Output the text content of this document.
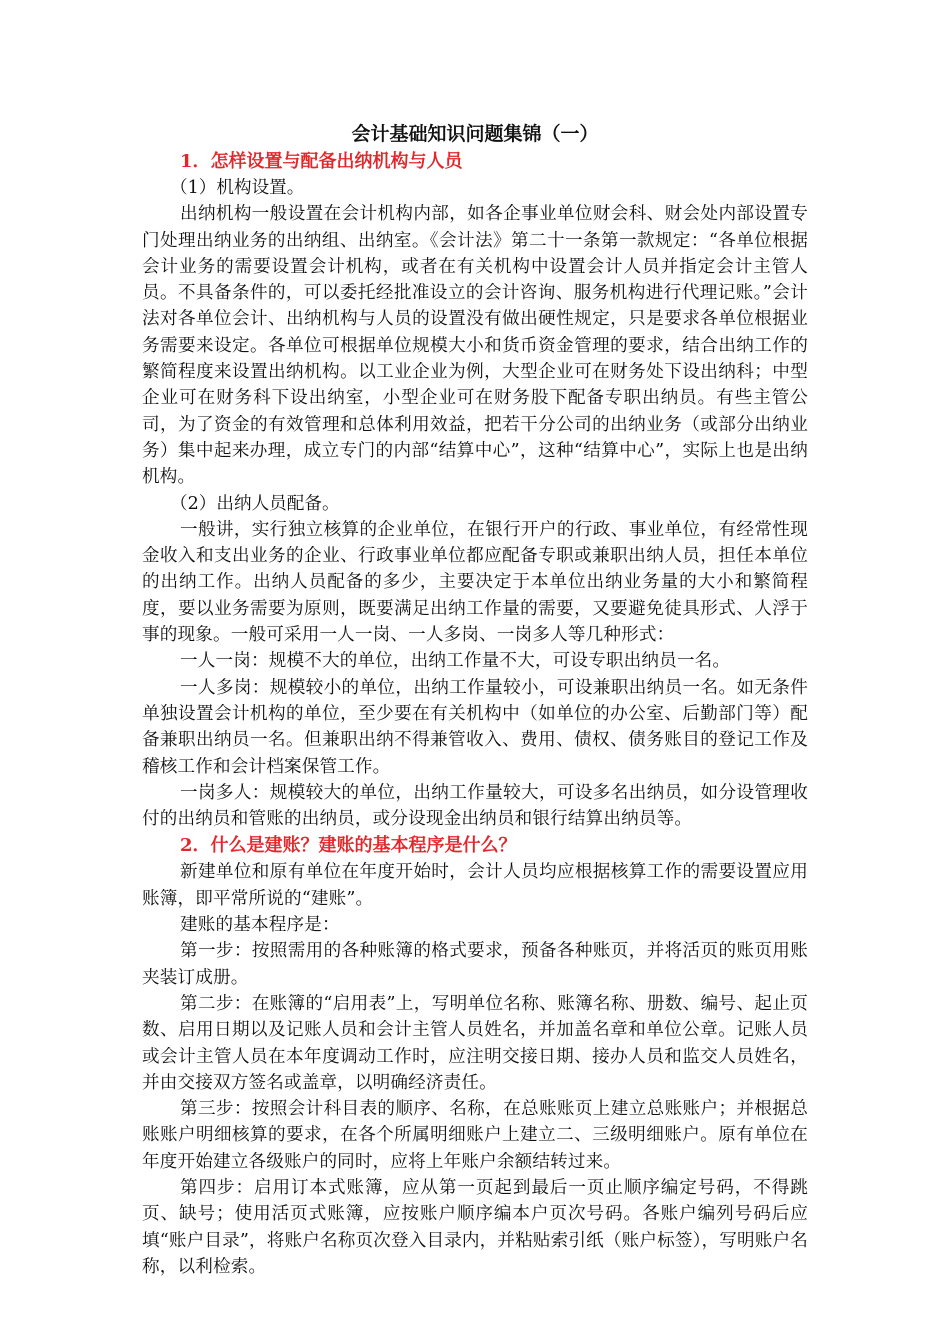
会计基础知识问题集锦（一）
1．怎样设置与配备出纳机构与人员

（1）机构设置。

出纳机构一般设置在会计机构内部，如各企事业单位财会科、财会处内部设置专门处理出纳业务的出纳组、出纳室。《会计法》第二十一条第一款规定：“各单位根据会计业务的需要设置会计机构，或者在有关机构中设置会计人员并指定会计主管人员。不具备条件的，可以委托经批准设立的会计咨询、服务机构进行代理记账。”会计法对各单位会计、出纳机构与人员的设置没有做出硬性规定，只是要求各单位根据业务需要来设定。各单位可根据单位规模大小和货币资金管理的要求，结合出纳工作的繁简程度来设置出纳机构。以工业企业为例，大型企业可在财务处下设出纳科；中型企业可在财务科下设出纳室，小型企业可在财务股下配备专职出纳员。有些主管公司，为了资金的有效管理和总体利用效益，把若干分公司的出纳业务（或部分出纳业务）集中起来办理，成立专门的内部“结算中心”，这种“结算中心”，实际上也是出纳机构。

（2）出纳人员配备。

一般讲，实行独立核算的企业单位，在银行开户的行政、事业单位，有经常性现金收入和支出业务的企业、行政事业单位都应配备专职或兼职出纳人员，担任本单位的出纳工作。出纳人员配备的多少，主要决定于本单位出纳业务量的大小和繁简程度，要以业务需要为原则，既要满足出纳工作量的需要，又要避免徒具形式、人浮于事的现象。一般可采用一人一岗、一人多岗、一岗多人等几种形式：

一人一岗：规模不大的单位，出纳工作量不大，可设专职出纳员一名。

一人多岗：规模较小的单位，出纳工作量较小，可设兼职出纳员一名。如无条件单独设置会计机构的单位，至少要在有关机构中（如单位的办公室、后勤部门等）配备兼职出纳员一名。但兼职出纳不得兼管收入、费用、债权、债务账目的登记工作及稽核工作和会计档案保管工作。

一岗多人：规模较大的单位，出纳工作量较大，可设多名出纳员，如分设管理收付的出纳员和管账的出纳员，或分设现金出纳员和银行结算出纳员等。

2．什么是建账？建账的基本程序是什么？

新建单位和原有单位在年度开始时，会计人员均应根据核算工作的需要设置应用账簿，即平常所说的“建账”。

建账的基本程序是：

第一步：按照需用的各种账簿的格式要求，预备各种账页，并将活页的账页用账夹装订成册。

第二步：在账簿的“启用表”上，写明单位名称、账簿名称、册数、编号、起止页数、启用日期以及记账人员和会计主管人员姓名，并加盖名章和单位公章。记账人员或会计主管人员在本年度调动工作时，应注明交接日期、接办人员和监交人员姓名，并由交接双方签名或盖章，以明确经济责任。

第三步：按照会计科目表的顺序、名称，在总账账页上建立总账账户；并根据总账账户明细核算的要求，在各个所属明细账户上建立二、三级明细账户。原有单位在年度开始建立各级账户的同时，应将上年账户余额结转过来。

第四步：启用订本式账簿，应从第一页起到最后一页止顺序编定号码，不得跳页、缺号；使用活页式账簿，应按账户顺序编本户页次号码。各账户编列号码后应填“账户目录”，将账户名称页次登入目录内，并粘贴索引纸（账户标签），写明账户名称，以利检索。
